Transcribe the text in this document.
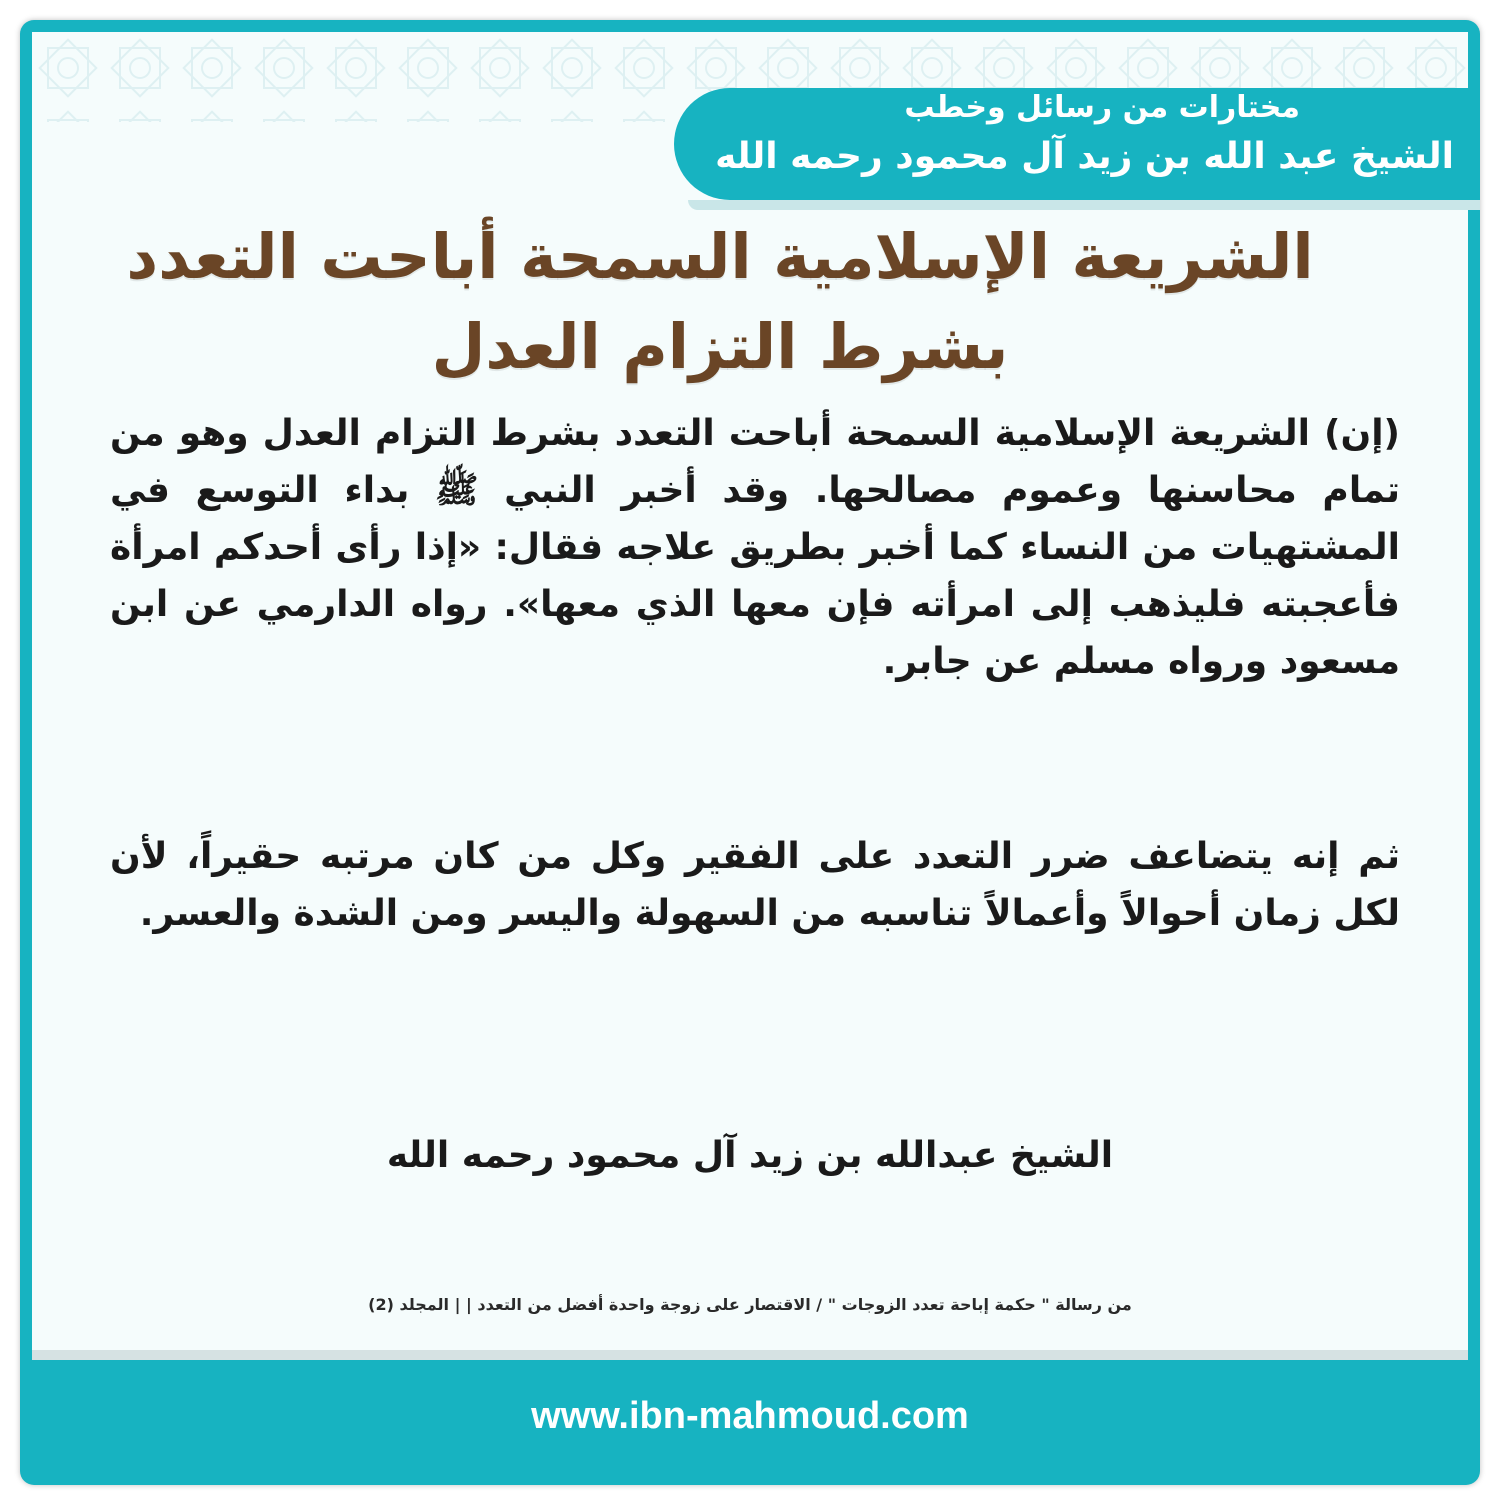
مختارات من رسائل وخطب
الشيخ عبد الله بن زيد آل محمود رحمه الله
الشريعة الإسلامية السمحة أباحت التعدد
بشرط التزام العدل
(إن) الشريعة الإسلامية السمحة أباحت التعدد بشرط التزام العدل وهو من تمام محاسنها وعموم مصالحها. وقد أخبر النبي ﷺ بداء التوسع في المشتهيات من النساء كما أخبر بطريق علاجه فقال: «إذا رأى أحدكم امرأة فأعجبته فليذهب إلى امرأته فإن معها الذي معها». رواه الدارمي عن ابن مسعود ورواه مسلم عن جابر.
ثم إنه يتضاعف ضرر التعدد على الفقير وكل من كان مرتبه حقيراً، لأن لكل زمان أحوالاً وأعمالاً تناسبه من السهولة واليسر ومن الشدة والعسر.
الشيخ عبدالله بن زيد آل محمود رحمه الله
من رسالة " حكمة إباحة تعدد الزوجات " / الاقتصار على زوجة واحدة أفضل من التعدد | | المجلد (2)
www.ibn-mahmoud.com
